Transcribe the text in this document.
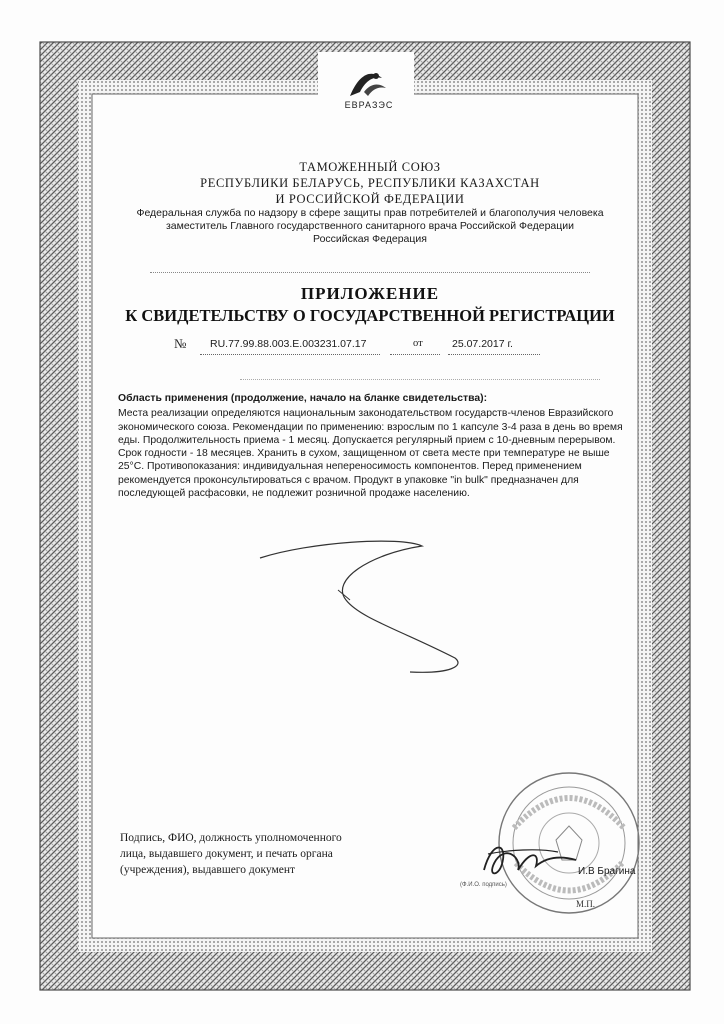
ЕВРАЗЭС
ТАМОЖЕННЫЙ СОЮЗ
РЕСПУБЛИКИ БЕЛАРУСЬ, РЕСПУБЛИКИ КАЗАХСТАН
И РОССИЙСКОЙ ФЕДЕРАЦИИ
Федеральная служба по надзору в сфере защиты прав потребителей и благополучия человека
заместитель Главного государственного санитарного врача Российской Федерации
Российская Федерация
ПРИЛОЖЕНИЕ
К СВИДЕТЕЛЬСТВУ О ГОСУДАРСТВЕННОЙ РЕГИСТРАЦИИ
№ RU.77.99.88.003.Е.003231.07.17	от	25.07.2017 г.
Область применения (продолжение, начало на бланке свидетельства):
Места реализации определяются национальным законодательством государств-членов Евразийского экономического союза. Рекомендации по применению: взрослым по 1 капсуле 3-4 раза в день во время еды. Продолжительность приема - 1 месяц. Допускается регулярный прием с 10-дневным перерывом. Срок годности - 18 месяцев. Хранить в сухом, защищенном от света месте при температуре не выше 25°С. Противопоказания: индивидуальная непереносимость компонентов. Перед применением рекомендуется проконсультироваться с врачом. Продукт в упаковке "in bulk" предназначен для последующей расфасовки, не подлежит розничной продаже населению.
Подпись, ФИО, должность уполномоченного
лица, выдавшего документ, и печать органа
(учреждения), выдавшего документ	И.В Брагина
(Ф.И.О. подпись)
М.П.
